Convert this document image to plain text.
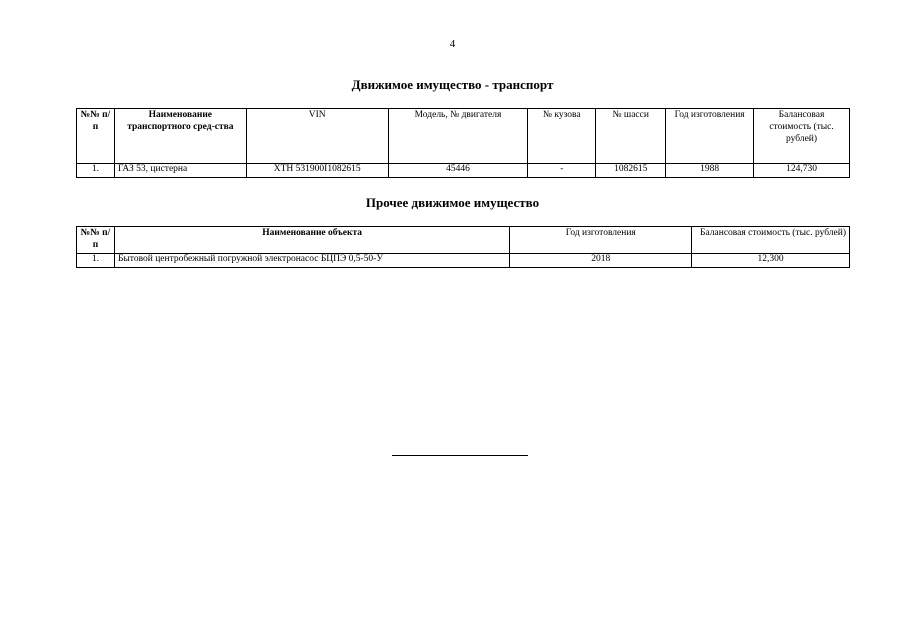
4
Движимое имущество - транспорт
№№ п/п	Наименование транспортного сред-ства	VIN	Модель, № двигателя	№ кузова	№ шасси	Год изготовления	Балансовая стоимость (тыс. рублей)
1.	ГАЗ 53, цистерна	ХТН 531900I1082615	45446	-	1082615	1988	124,730
Прочее движимое имущество
№№ п/п	Наименование объекта	Год изготовления	Балансовая стоимость (тыс. рублей)
1.	Бытовой центробежный погружной электронасос БЦПЭ 0,5-50-У	2018	12,300
